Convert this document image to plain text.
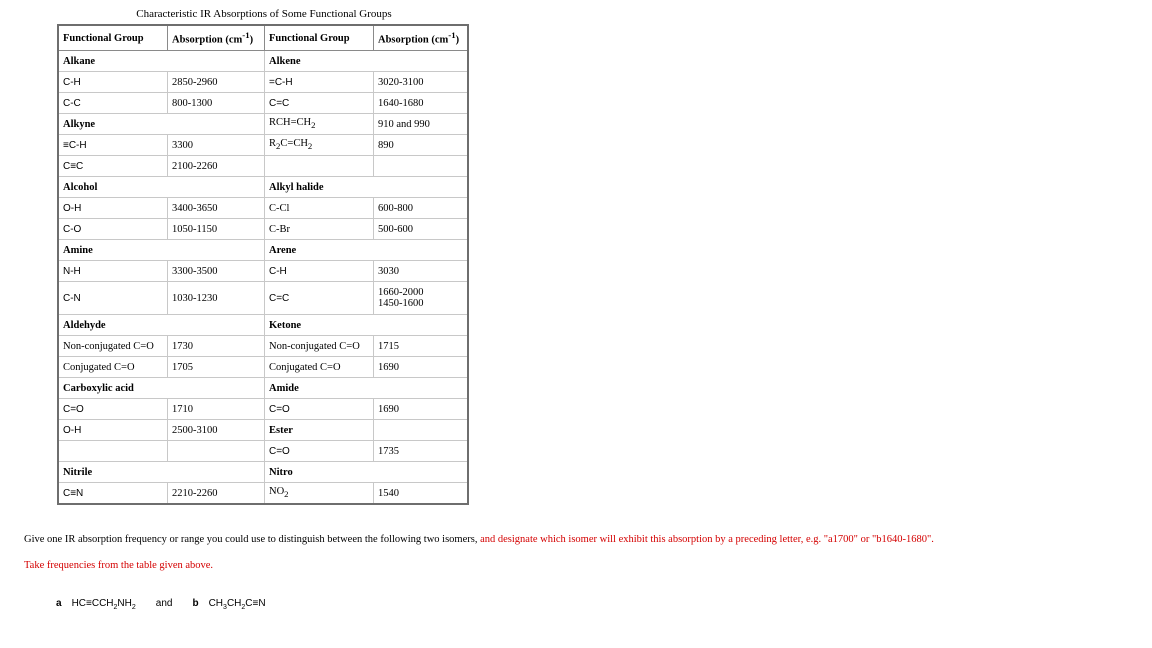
Characteristic IR Absorptions of Some Functional Groups
Functional Group	Absorption $(cm^{-1})$	Functional Group	Absorption $(cm^{-1})$
Alkane		Alkene	
C-H	2850-2960	=C-H	3020-3100
C-C	800-1300	C=C	1640-1680
Alkyne		$RCH=CH_2$	910 and 990
≡C-H	3300	$R_2C=CH_2$	890
C≡C	2100-2260		
Alcohol		Alkyl halide	
O-H	3400-3650	C-Cl	600-800
C-O	1050-1150	C-Br	500-600
Amine		Arene	
N-H	3300-3500	C-H	3030
C-N	1030-1230	C=C	1660-2000
1450-1600

Aldehyde		Ketone	
Non-conjugated C=O	1730	Non-conjugated C=O	1715
Conjugated C=O	1705	Conjugated C=O	1690
Carboxylic acid		Amide	
C=O	1710	C=O	1690
O-H	2500-3100	Ester	
		C=O	1735
Nitrile		Nitro	
C≡N	2210-2260	$NO_2$	1540
Give one IR absorption frequency or range you could use to distinguish between the following two isomers, and designate which isomer will exhibit this absorption by a preceding letter, e.g. "a1700" or "b1640-1680".
Take frequencies from the table given above.
a $HC\equiv CCH_2NH_2$ and b $CH_3CH_2C\equiv N$
